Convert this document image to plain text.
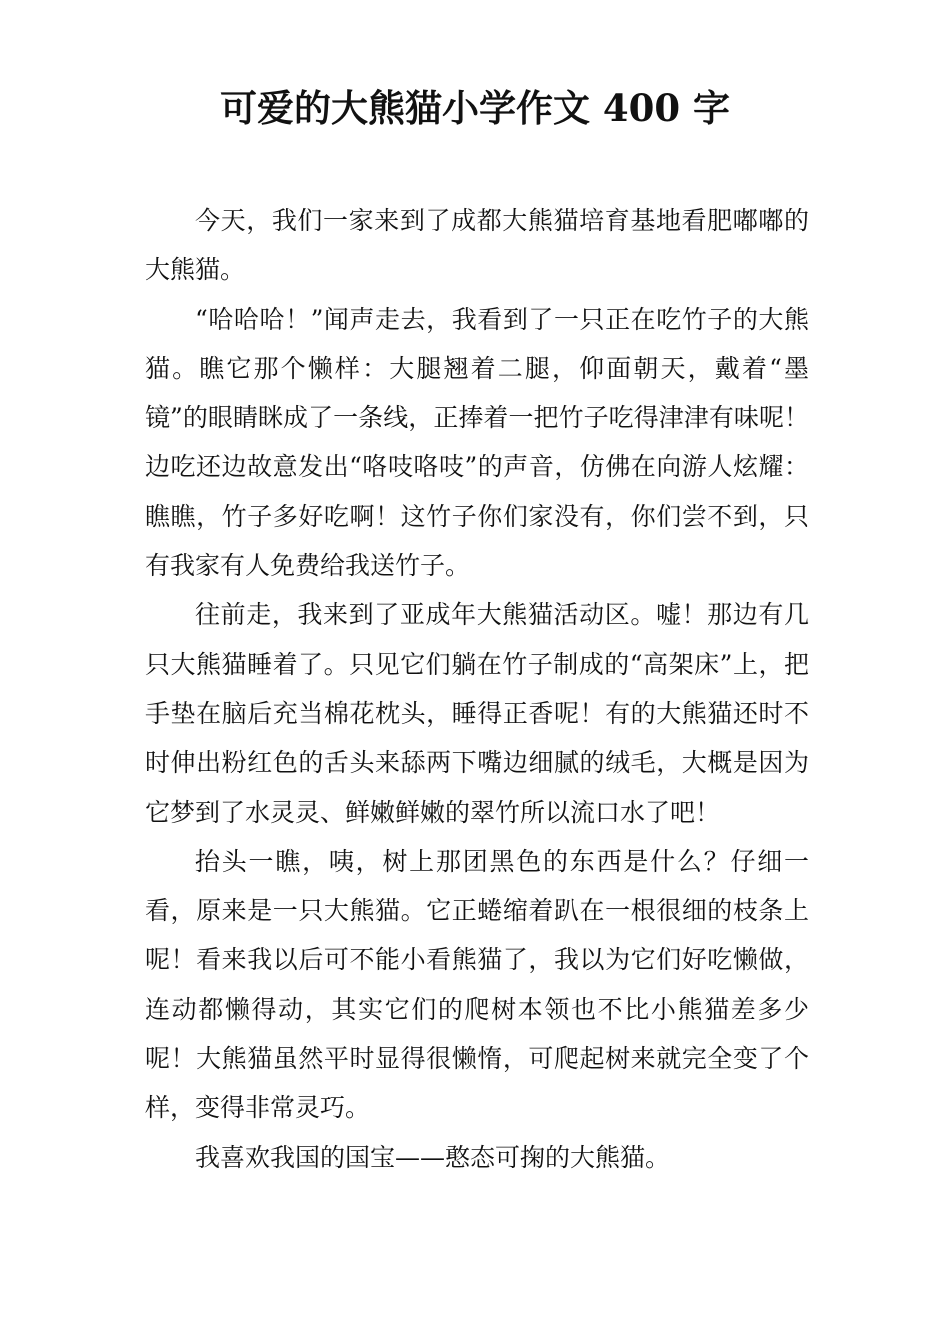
可爱的大熊猫小学作文 400 字

今天，我们一家来到了成都大熊猫培育基地看肥嘟嘟的大熊猫。

“哈哈哈！”闻声走去，我看到了一只正在吃竹子的大熊猫。瞧它那个懒样：大腿翘着二腿，仰面朝天，戴着“墨镜”的眼睛眯成了一条线，正捧着一把竹子吃得津津有味呢！边吃还边故意发出“咯吱咯吱”的声音，仿佛在向游人炫耀：瞧瞧，竹子多好吃啊！这竹子你们家没有，你们尝不到，只有我家有人免费给我送竹子。

往前走，我来到了亚成年大熊猫活动区。嘘！那边有几只大熊猫睡着了。只见它们躺在竹子制成的“高架床”上，把手垫在脑后充当棉花枕头，睡得正香呢！有的大熊猫还时不时伸出粉红色的舌头来舔两下嘴边细腻的绒毛，大概是因为它梦到了水灵灵、鲜嫩鲜嫩的翠竹所以流口水了吧！

抬头一瞧，咦，树上那团黑色的东西是什么？仔细一看，原来是一只大熊猫。它正蜷缩着趴在一根很细的枝条上呢！看来我以后可不能小看熊猫了，我以为它们好吃懒做，连动都懒得动，其实它们的爬树本领也不比小熊猫差多少呢！大熊猫虽然平时显得很懒惰，可爬起树来就完全变了个样，变得非常灵巧。

我喜欢我国的国宝——憨态可掬的大熊猫。
